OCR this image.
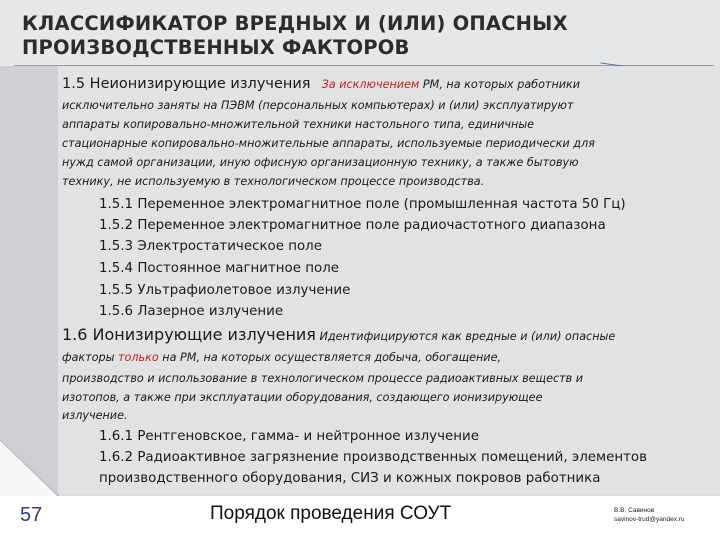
КЛАССИФИКАТОР ВРЕДНЫХ И (ИЛИ) ОПАСНЫХ
ПРОИЗВОДСТВЕННЫХ ФАКТОРОВ
1.5 Неионизирующие излучения За исключением РМ, на которых работники
исключительно заняты на ПЭВМ (персональных компьютерах) и (или) эксплуатируют
аппараты копировально-множительной техники настольного типа, единичные
стационарные копировально-множительные аппараты, используемые периодически для
нужд самой организации, иную офисную организационную технику, а также бытовую
технику, не используемую в технологическом процессе производства.
1.5.1 Переменное электромагнитное поле (промышленная частота 50 Гц)
1.5.2 Переменное электромагнитное поле радиочастотного диапазона
1.5.3 Электростатическое поле
1.5.4 Постоянное магнитное поле
1.5.5 Ультрафиолетовое излучение
1.5.6 Лазерное излучение
1.6 Ионизирующие излучения Идентифицируются как вредные и (или) опасные
факторы только на РМ, на которых осуществляется добыча, обогащение,
производство и использование в технологическом процессе радиоактивных веществ и
изотопов, а также при эксплуатации оборудования, создающего ионизирующее
излучение.
1.6.1 Рентгеновское, гамма- и нейтронное излучение
1.6.2 Радиоактивное загрязнение производственных помещений, элементов
производственного оборудования, СИЗ и кожных покровов работника
57	Порядок проведения СОУТ	В.В. Савинов
savinov-trud@yandex.ru
